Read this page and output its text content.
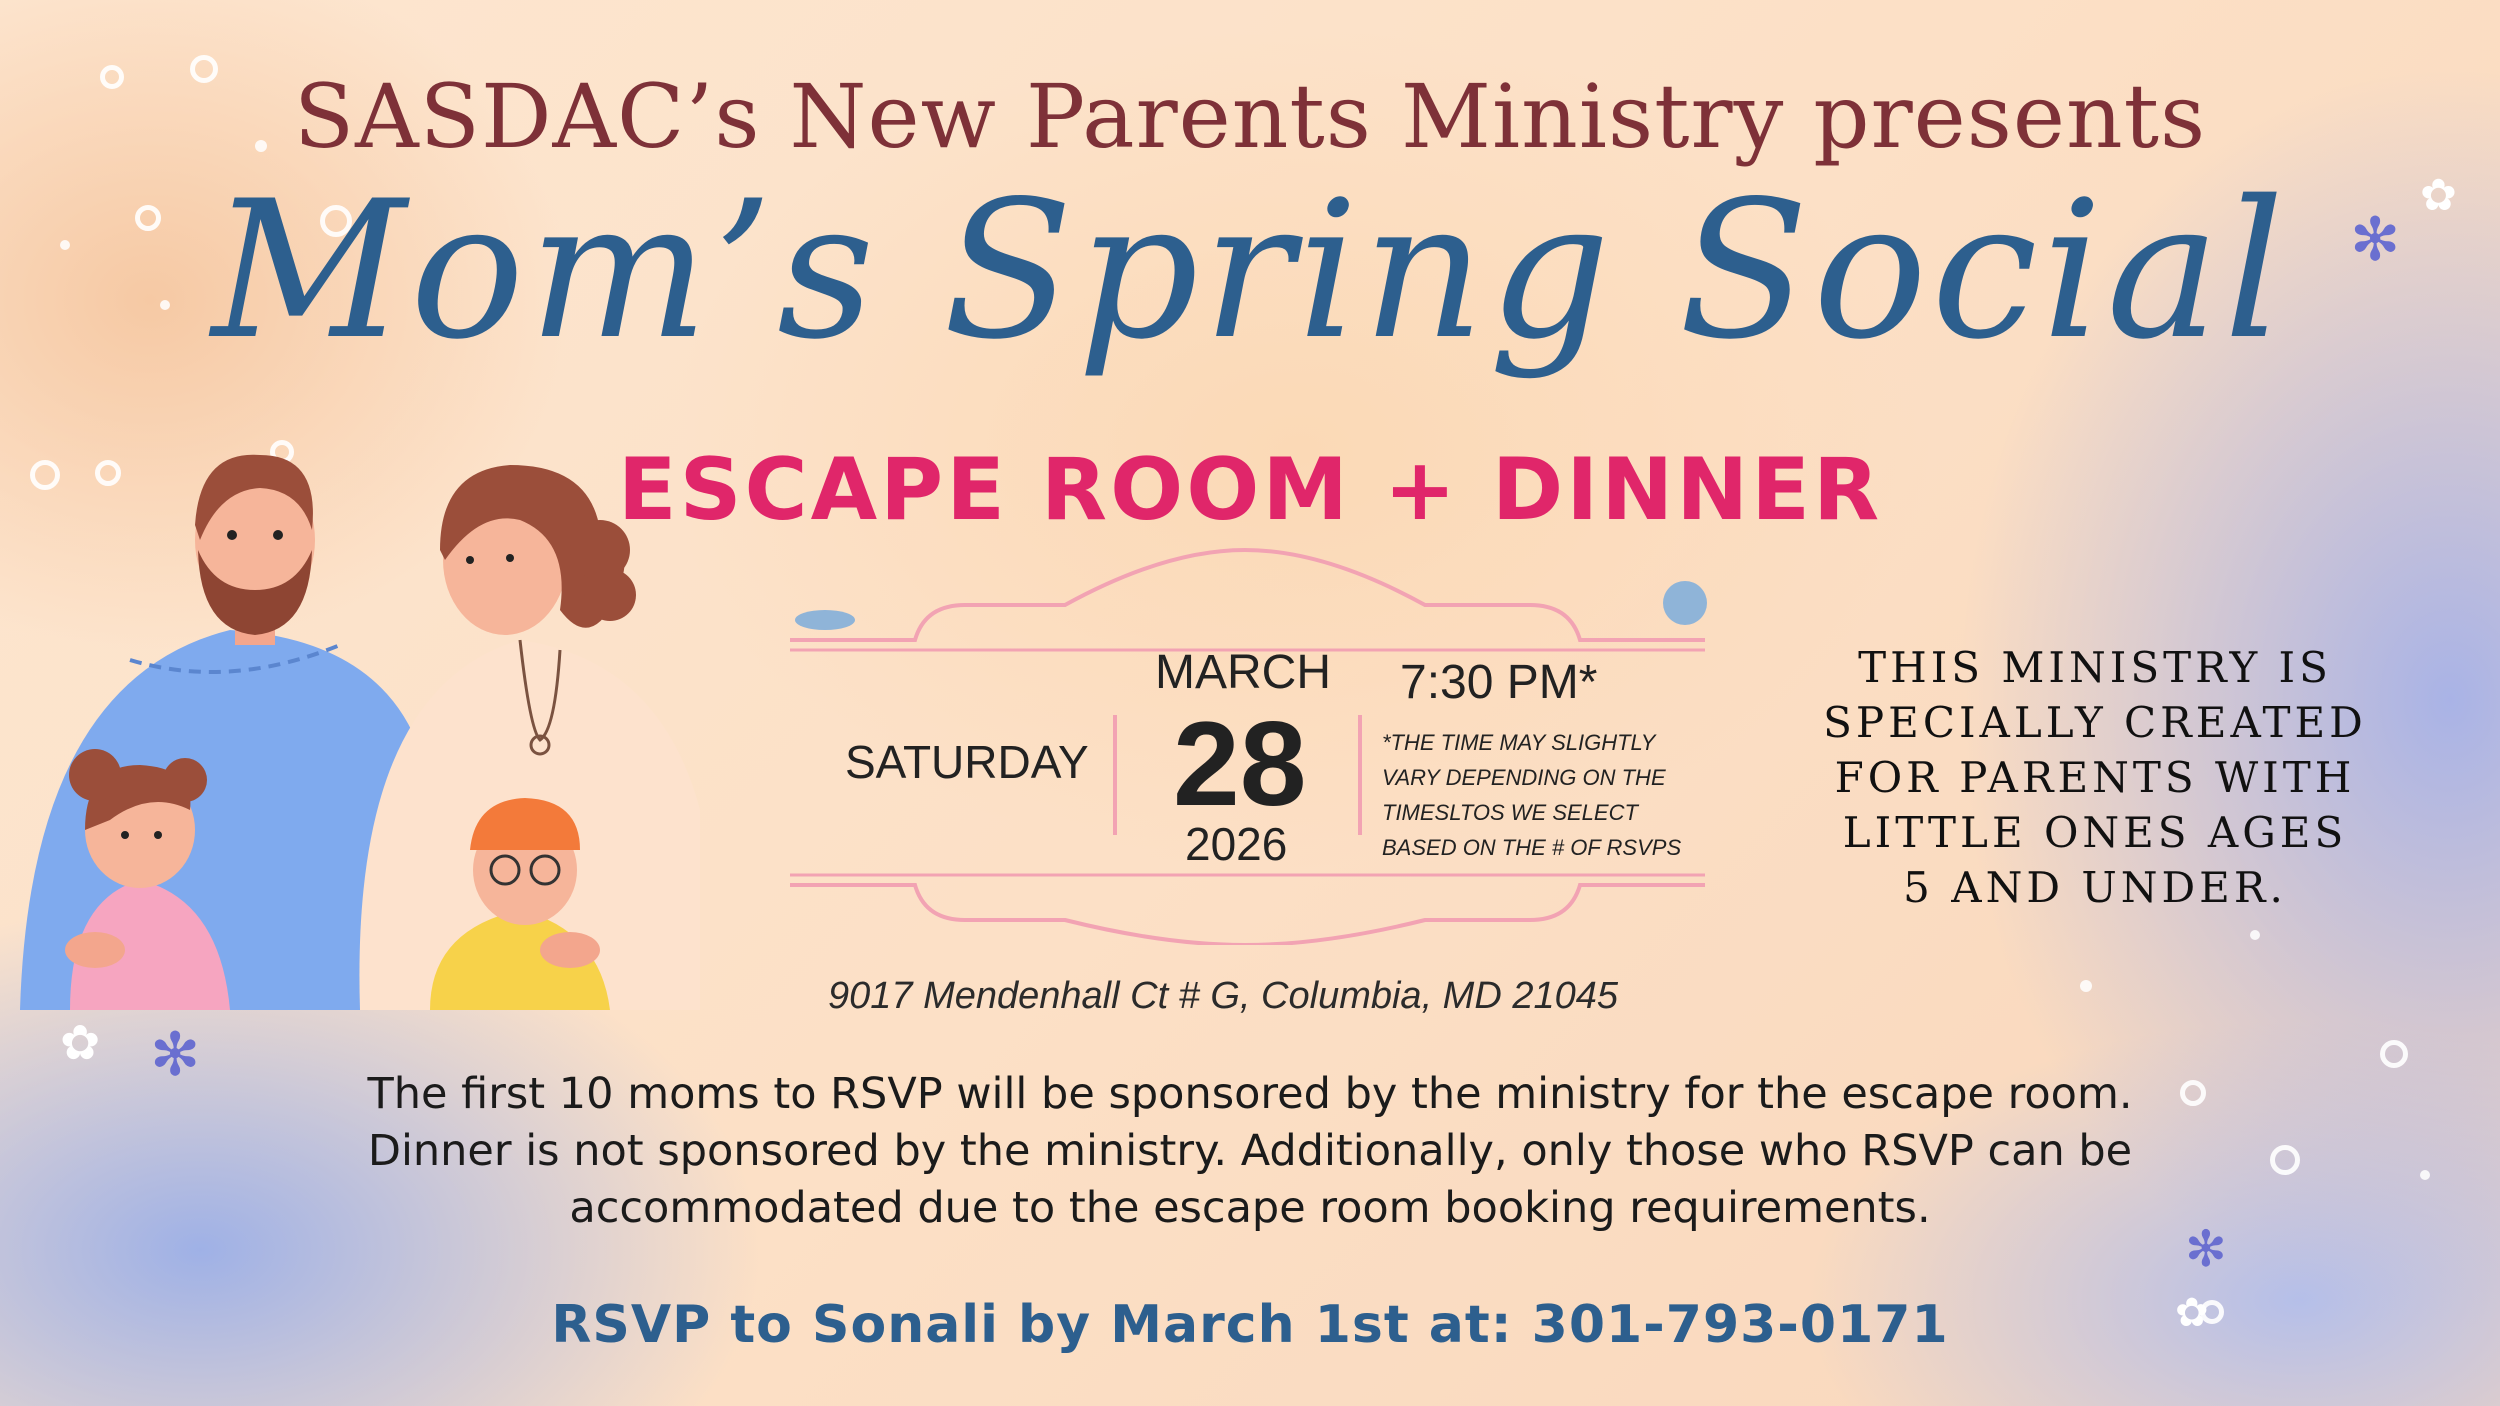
✻
✿
✻
✿
✻
✿
SASDAC’s New Parents Ministry presents
Mom’s Spring Social
ESCAPE ROOM + DINNER
SATURDAY
MARCH
28
2026
7:30 PM*
*THE TIME MAY SLIGHTLY VARY DEPENDING ON THE TIMESLTOS WE SELECT BASED ON THE # OF RSVPS
9017 Mendenhall Ct # G, Columbia, MD 21045
THIS MINISTRY IS SPECIALLY CREATED FOR PARENTS WITH LITTLE ONES AGES 5 AND UNDER.
The first 10 moms to RSVP will be sponsored by the ministry for the escape room.
Dinner is not sponsored by the ministry. Additionally, only those who RSVP can be
accommodated due to the escape room booking requirements.
RSVP to Sonali by March 1st at: 301-793-0171
